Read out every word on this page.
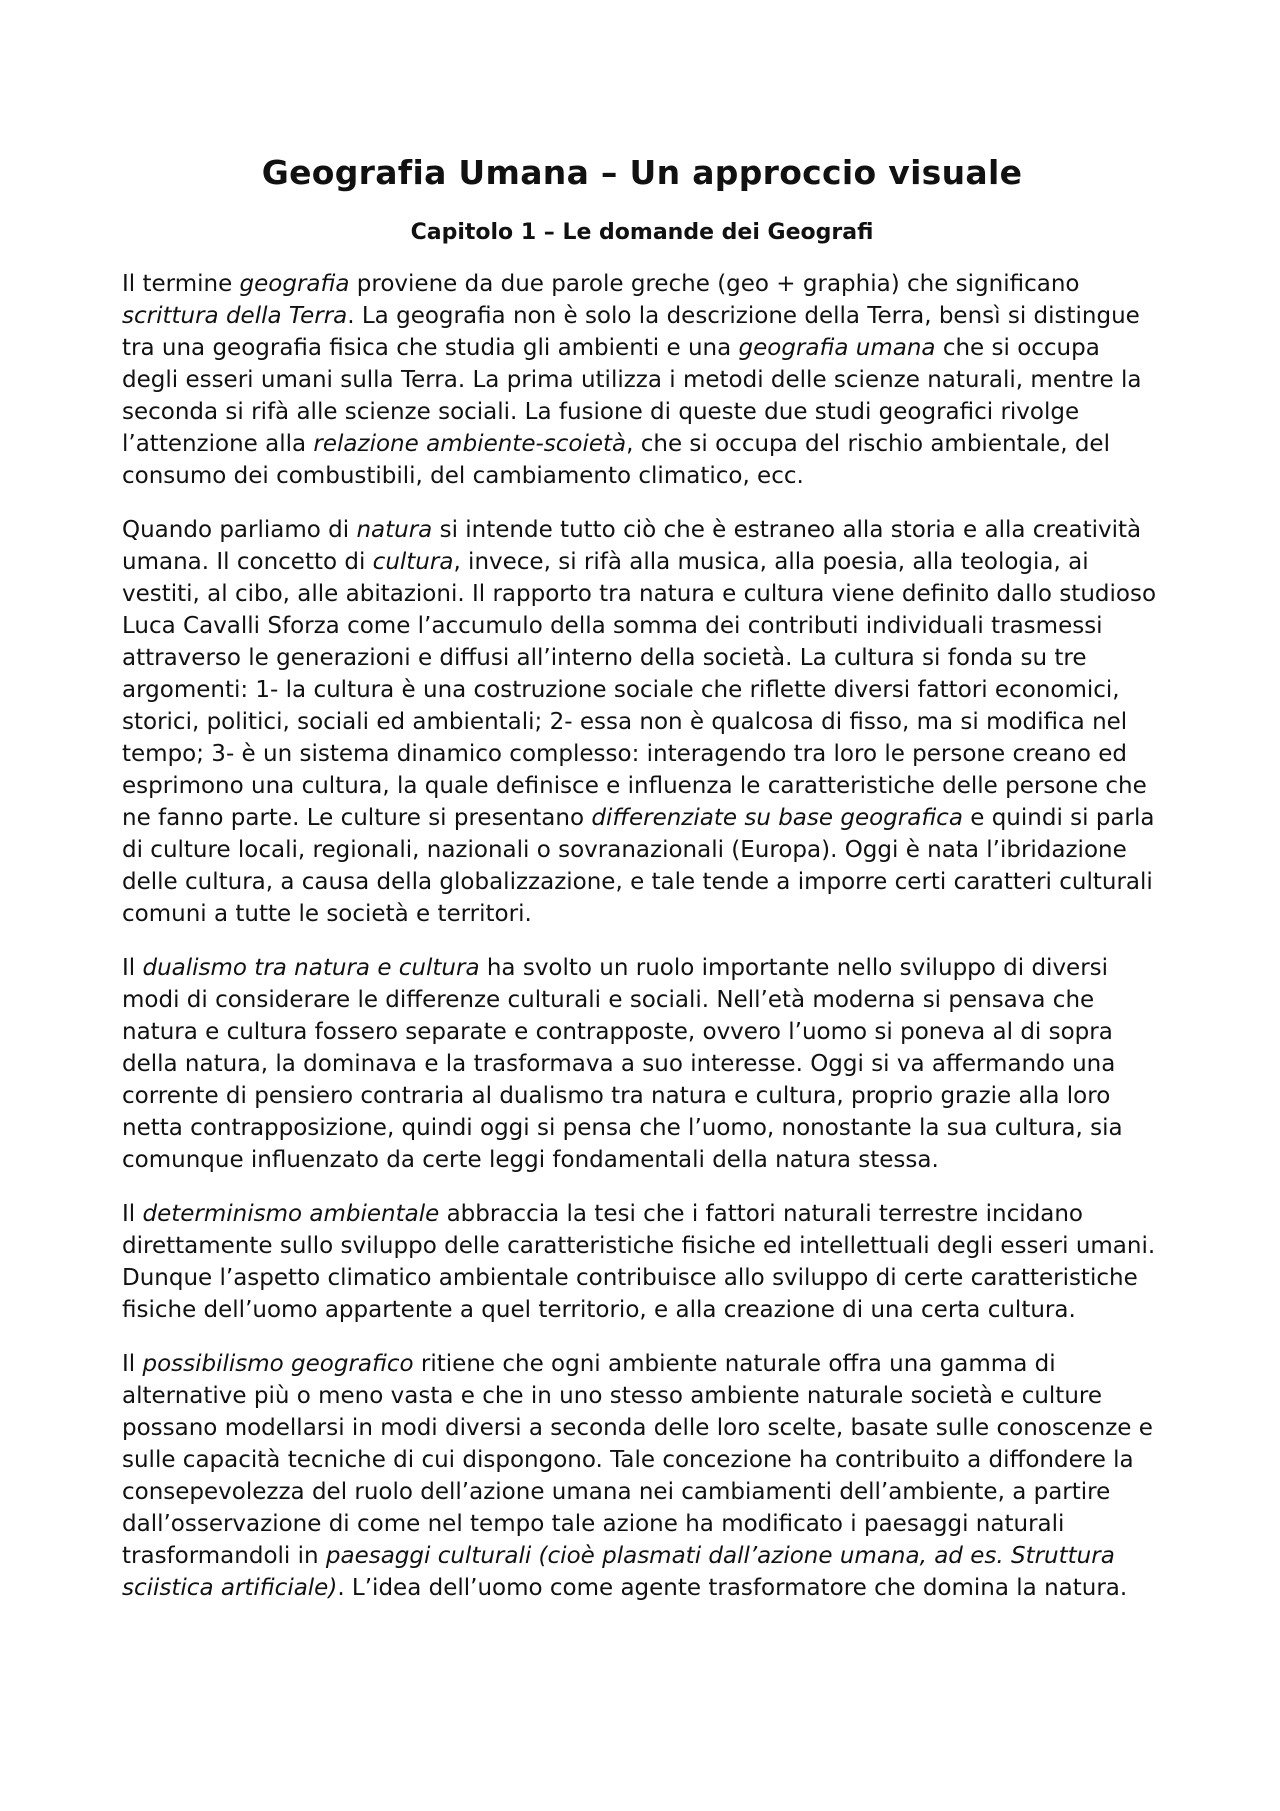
Geografia Umana – Un approccio visuale
Capitolo 1 – Le domande dei Geografi

Il termine geografia proviene da due parole greche (geo + graphia) che significano scrittura della Terra. La geografia non è solo la descrizione della Terra, bensì si distingue tra una geografia fisica che studia gli ambienti e una geografia umana che si occupa degli esseri umani sulla Terra. La prima utilizza i metodi delle scienze naturali, mentre la seconda si rifà alle scienze sociali. La fusione di queste due studi geografici rivolge l’attenzione alla relazione ambiente-scoietà, che si occupa del rischio ambientale, del consumo dei combustibili, del cambiamento climatico, ecc.

Quando parliamo di natura si intende tutto ciò che è estraneo alla storia e alla creatività umana. Il concetto di cultura, invece, si rifà alla musica, alla poesia, alla teologia, ai vestiti, al cibo, alle abitazioni. Il rapporto tra natura e cultura viene definito dallo studioso Luca Cavalli Sforza come l’accumulo della somma dei contributi individuali trasmessi attraverso le generazioni e diffusi all’interno della società. La cultura si fonda su tre argomenti: 1- la cultura è una costruzione sociale che riflette diversi fattori economici, storici, politici, sociali ed ambientali; 2- essa non è qualcosa di fisso, ma si modifica nel tempo; 3- è un sistema dinamico complesso: interagendo tra loro le persone creano ed esprimono una cultura, la quale definisce e influenza le caratteristiche delle persone che ne fanno parte. Le culture si presentano differenziate su base geografica e quindi si parla di culture locali, regionali, nazionali o sovranazionali (Europa). Oggi è nata l’ibridazione delle cultura, a causa della globalizzazione, e tale tende a imporre certi caratteri culturali comuni a tutte le società e territori.

Il dualismo tra natura e cultura ha svolto un ruolo importante nello sviluppo di diversi modi di considerare le differenze culturali e sociali. Nell’età moderna si pensava che natura e cultura fossero separate e contrapposte, ovvero l’uomo si poneva al di sopra della natura, la dominava e la trasformava a suo interesse. Oggi si va affermando una corrente di pensiero contraria al dualismo tra natura e cultura, proprio grazie alla loro netta contrapposizione, quindi oggi si pensa che l’uomo, nonostante la sua cultura, sia comunque influenzato da certe leggi fondamentali della natura stessa.

Il determinismo ambientale abbraccia la tesi che i fattori naturali terrestre incidano direttamente sullo sviluppo delle caratteristiche fisiche ed intellettuali degli esseri umani. Dunque l’aspetto climatico ambientale contribuisce allo sviluppo di certe caratteristiche fisiche dell’uomo appartente a quel territorio, e alla creazione di una certa cultura.

Il possibilismo geografico ritiene che ogni ambiente naturale offra una gamma di alternative più o meno vasta e che in uno stesso ambiente naturale società e culture possano modellarsi in modi diversi a seconda delle loro scelte, basate sulle conoscenze e sulle capacità tecniche di cui dispongono. Tale concezione ha contribuito a diffondere la consepevolezza del ruolo dell’azione umana nei cambiamenti dell’ambiente, a partire dall’osservazione di come nel tempo tale azione ha modificato i paesaggi naturali trasformandoli in paesaggi culturali (cioè plasmati dall’azione umana, ad es. Struttura sciistica artificiale). L’idea dell’uomo come agente trasformatore che domina la natura.
